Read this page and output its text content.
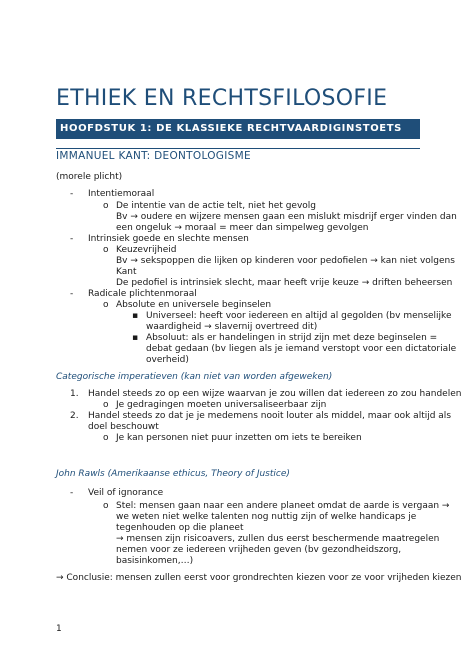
ETHIEK EN RECHTSFILOSOFIE
HOOFDSTUK 1: DE KLASSIEKE RECHTVAARDIGINSTOETS
IMMANUEL KANT: DEONTOLOGISME
(morele plicht)
- Intentiemoraal
o De intentie van de actie telt, niet het gevolg
Bv → oudere en wijzere mensen gaan een mislukt misdrijf erger vinden dan
een ongeluk → moraal = meer dan simpelweg gevolgen
- Intrinsiek goede en slechte mensen
o Keuzevrijheid
Bv → sekspoppen die lijken op kinderen voor pedofielen → kan niet volgens
Kant
De pedofiel is intrinsiek slecht, maar heeft vrije keuze → driften beheersen
- Radicale plichtenmoraal
o Absolute en universele beginselen
▪ Universeel: heeft voor iedereen en altijd al gegolden (bv menselijke
waardigheid → slavernij overtreed dit)
▪ Absoluut: als er handelingen in strijd zijn met deze beginselen =
debat gedaan (bv liegen als je iemand verstopt voor een dictatoriale
overheid)
Categorische imperatieven (kan niet van worden afgeweken)
1. Handel steeds zo op een wijze waarvan je zou willen dat iedereen zo zou handelen
o Je gedragingen moeten universaliseerbaar zijn
2. Handel steeds zo dat je je medemens nooit louter als middel, maar ook altijd als
doel beschouwt
o Je kan personen niet puur inzetten om iets te bereiken
John Rawls (Amerikaanse ethicus, Theory of Justice)
- Veil of ignorance
o Stel: mensen gaan naar een andere planeet omdat de aarde is vergaan →
we weten niet welke talenten nog nuttig zijn of welke handicaps je
tegenhouden op die planeet
→ mensen zijn risicoavers, zullen dus eerst beschermende maatregelen
nemen voor ze iedereen vrijheden geven (bv gezondheidszorg,
basisinkomen,…)
→ Conclusie: mensen zullen eerst voor grondrechten kiezen voor ze voor vrijheden kiezen
1
